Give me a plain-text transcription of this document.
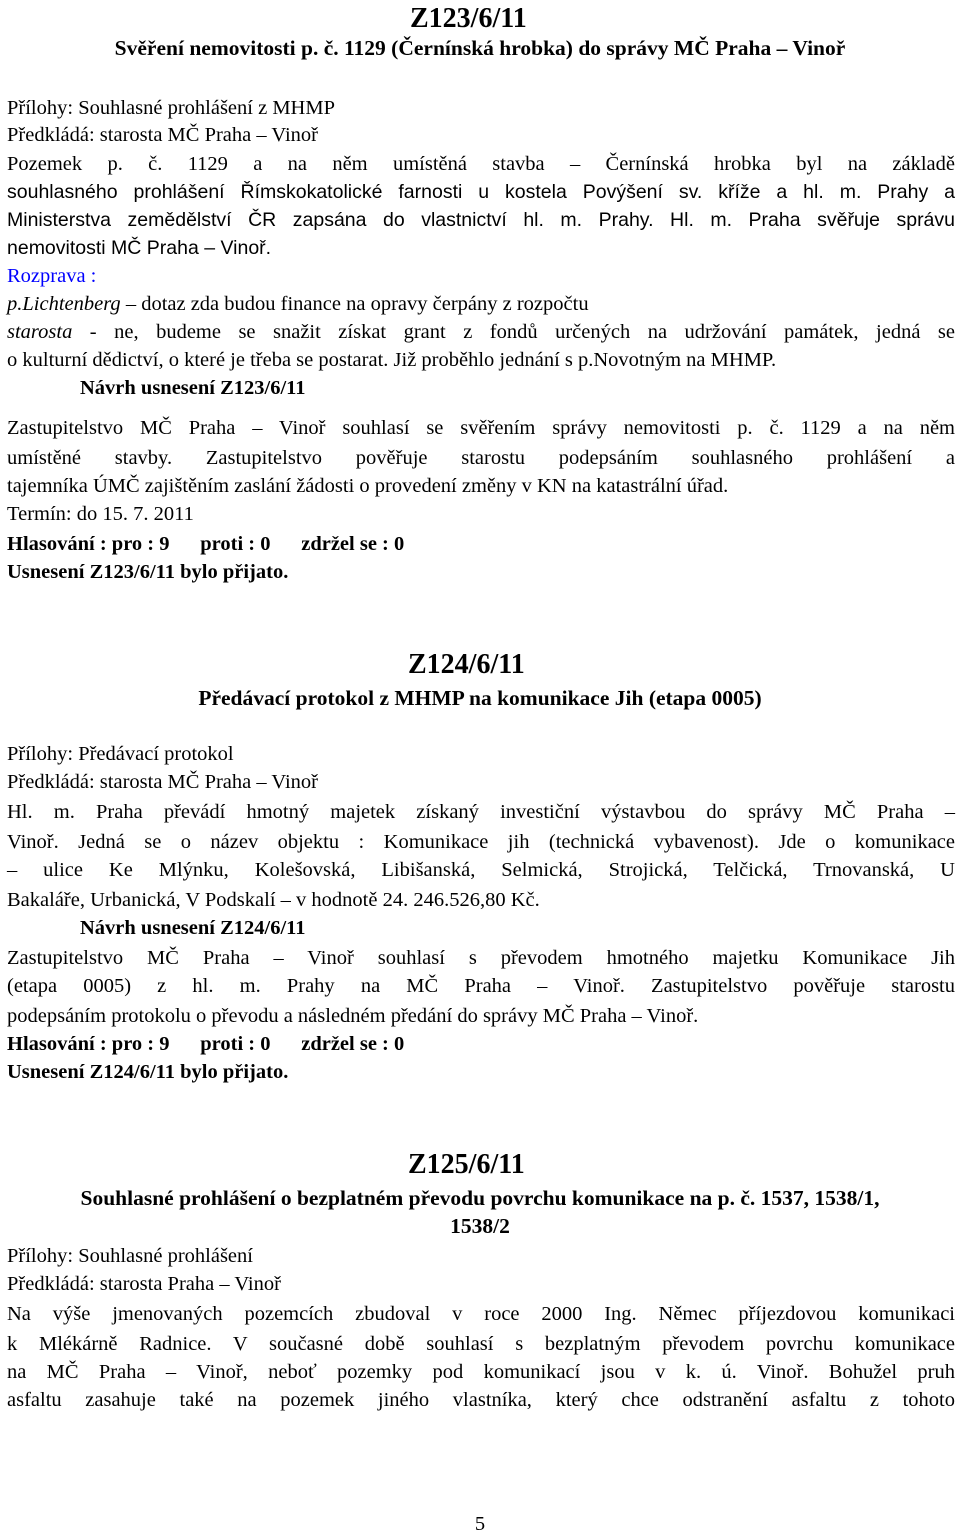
Z123/6/11
Svěření nemovitosti p. č. 1129 (Černínská hrobka) do správy MČ Praha – Vinoř
Přílohy: Souhlasné prohlášení z MHMP
Předkládá: starosta MČ Praha – Vinoř
Pozemek p. č. 1129 a na něm umístěná stavba – Černínská hrobka byl na základě
souhlasného prohlášení Římskokatolické farnosti u kostela Povýšení sv. kříže a hl. m. Prahy a
Ministerstva zemědělství ČR zapsána do vlastnictví hl. m. Prahy. Hl. m. Praha svěřuje správu
nemovitosti MČ Praha – Vinoř.
Rozprava :
p.Lichtenberg – dotaz zda budou finance na opravy čerpány z rozpočtu
starosta - ne, budeme se snažit získat grant z fondů určených na udržování památek, jedná se
o kulturní dědictví, o které je třeba se postarat. Již proběhlo jednání s p.Novotným na MHMP.
Návrh usnesení Z123/6/11
Zastupitelstvo MČ Praha – Vinoř souhlasí se svěřením správy nemovitosti p. č. 1129 a na něm
umístěné stavby. Zastupitelstvo pověřuje starostu podepsáním souhlasného prohlášení a
tajemníka ÚMČ zajištěním zaslání žádosti o provedení změny v KN na katastrální úřad.
Termín: do 15. 7. 2011
Hlasování : pro : 9      proti : 0      zdržel se : 0
Usnesení Z123/6/11 bylo přijato.
Z124/6/11
Předávací protokol z MHMP na komunikace Jih (etapa 0005)
Přílohy: Předávací protokol
Předkládá: starosta MČ Praha – Vinoř
Hl. m. Praha převádí hmotný majetek získaný investiční výstavbou do správy MČ Praha –
Vinoř. Jedná se o název objektu : Komunikace jih (technická vybavenost). Jde o komunikace
– ulice Ke Mlýnku, Kolešovská, Libišanská, Selmická, Strojická, Telčická, Trnovanská, U
Bakaláře, Urbanická, V Podskalí – v hodnotě 24. 246.526,80 Kč.
Návrh usnesení Z124/6/11
Zastupitelstvo MČ Praha – Vinoř souhlasí s převodem hmotného majetku Komunikace Jih
(etapa 0005) z hl. m. Prahy na MČ Praha – Vinoř. Zastupitelstvo pověřuje starostu
podepsáním protokolu o převodu a následném předání do správy MČ Praha – Vinoř.
Hlasování : pro : 9      proti : 0      zdržel se : 0
Usnesení Z124/6/11 bylo přijato.
Z125/6/11
Souhlasné prohlášení o bezplatném převodu povrchu komunikace na p. č. 1537, 1538/1,
1538/2
Přílohy: Souhlasné prohlášení
Předkládá: starosta Praha – Vinoř
Na výše jmenovaných pozemcích zbudoval v roce 2000 Ing. Němec příjezdovou komunikaci
k Mlékárně Radnice. V současné době souhlasí s bezplatným převodem povrchu komunikace
na MČ Praha – Vinoř, neboť pozemky pod komunikací jsou v k. ú. Vinoř. Bohužel pruh
asfaltu zasahuje také na pozemek jiného vlastníka, který chce odstranění asfaltu z tohoto
5
